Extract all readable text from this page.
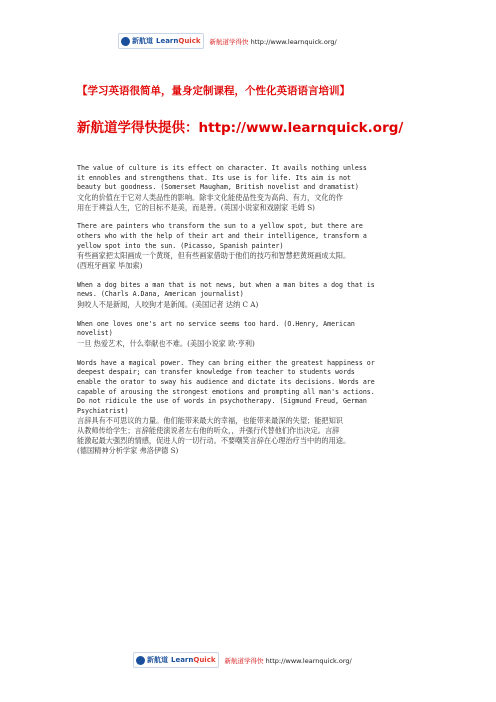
新航道 LearnQuick 新航道学得快 http://www.learnquick.org/
【学习英语很简单，量身定制课程，个性化英语语言培训】
新航道学得快提供：http://www.learnquick.org/
The value of culture is its effect on character. It avails nothing unless
it ennobles and strengthens that. Its use is for life. Its aim is not
beauty but goodness. (Somerset Maugham, British novelist and dramatist)
文化的价值在于它对人类品性的影响。除非文化能使品性变为高尚、有力，文化的作
用在于裨益人生，它的目标不是美，而是善。(英国小说家和戏剧家 毛姆 S)
There are painters who transform the sun to a yellow spot, but there are
others who with the help of their art and their intelligence, transform a
yellow spot into the sun. (Picasso, Spanish painter)
有些画家把太阳画成一个黄斑，但有些画家借助于他们的技巧和智慧把黄斑画成太阳。
(西班牙画家 毕加索)
When a dog bites a man that is not news, but when a man bites a dog that is
news. (Charls A.Dana, American journalist)
狗咬人不是新闻，人咬狗才是新闻。(美国记者 达纳 C A)
When one loves one's art no service seems too hard. (O.Henry, American
novelist)
一旦 热爱艺术，什么奉献也不难。(美国小说家 欧·亨利)
Words have a magical power. They can bring either the greatest happiness or
deepest despair; can transfer knowledge from teacher to students words
enable the orator to sway his audience and dictate its decisions. Words are
capable of arousing the strongest emotions and prompting all man's actions.
Do not ridicule the use of words in psychotherapy. (Sigmund Freud, German
Psychiatrist)
言辞具有不可思议的力量。他们能带来最大的幸福，也能带来最深的失望；能把知识
从教师传给学生；言辞能使演说者左右他的听众，，并强行代替他们作出决定。言辞
能激起最大强烈的情感，促进人的一切行动。不要嘲笑言辞在心理治疗当中的的用途。
(德国精神分析学家 弗洛伊德 S)
新航道 LearnQuick 新航道学得快 http://www.learnquick.org/
